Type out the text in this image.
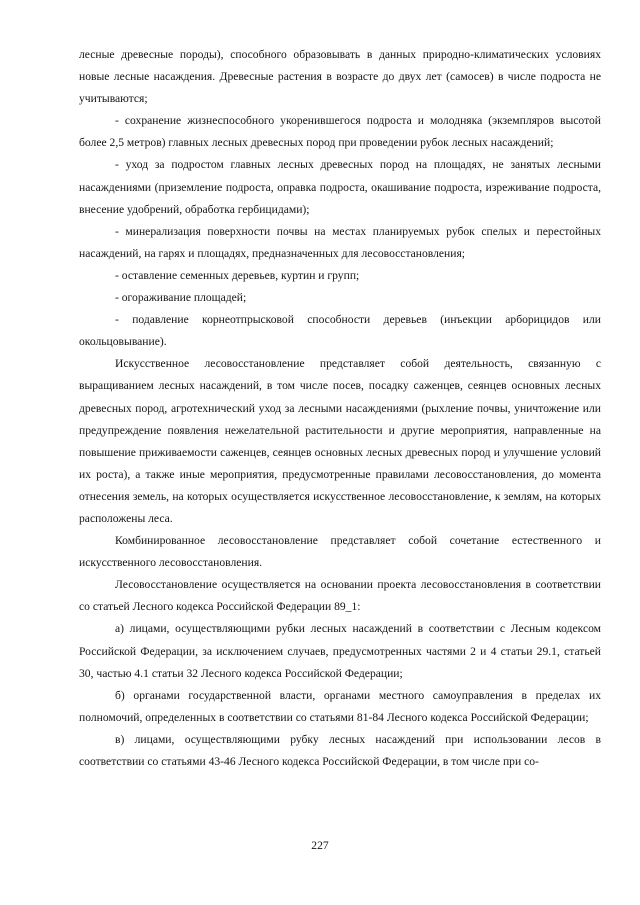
лесные древесные породы), способного образовывать в данных природно-климатических условиях новые лесные насаждения. Древесные растения в возрасте до двух лет (самосев) в числе подроста не учитываются;

- сохранение жизнеспособного укоренившегося подроста и молодняка (экземпляров высотой более 2,5 метров) главных лесных древесных пород при проведении рубок лесных насаждений;

- уход за подростом главных лесных древесных пород на площадях, не занятых лесными насаждениями (приземление подроста, оправка подроста, окашивание подроста, изреживание подроста, внесение удобрений, обработка гербицидами);

- минерализация поверхности почвы на местах планируемых рубок спелых и перестойных насаждений, на гарях и площадях, предназначенных для лесовосстановления;

- оставление семенных деревьев, куртин и групп;

- огораживание площадей;

- подавление корнеотпрысковой способности деревьев (инъекции арборицидов или окольцовывание).

Искусственное лесовосстановление представляет собой деятельность, связанную с выращиванием лесных насаждений, в том числе посев, посадку саженцев, сеянцев основных лесных древесных пород, агротехнический уход за лесными насаждениями (рыхление почвы, уничтожение или предупреждение появления нежелательной растительности и другие мероприятия, направленные на повышение приживаемости саженцев, сеянцев основных лесных древесных пород и улучшение условий их роста), а также иные мероприятия, предусмотренные правилами лесовосстановления, до момента отнесения земель, на которых осуществляется искусственное лесовосстановление, к землям, на которых расположены леса.

Комбинированное лесовосстановление представляет собой сочетание естественного и искусственного лесовосстановления.

Лесовосстановление осуществляется на основании проекта лесовосстановления в соответствии со статьей Лесного кодекса Российской Федерации 89_1:

а) лицами, осуществляющими рубки лесных насаждений в соответствии с Лесным кодексом Российской Федерации, за исключением случаев, предусмотренных частями 2 и 4 статьи 29.1, статьей 30, частью 4.1 статьи 32 Лесного кодекса Российской Федерации;

б) органами государственной власти, органами местного самоуправления в пределах их полномочий, определенных в соответствии со статьями 81-84 Лесного кодекса Российской Федерации;

в) лицами, осуществляющими рубку лесных насаждений при использовании лесов в соответствии со статьями 43-46 Лесного кодекса Российской Федерации, в том числе при со-

227
